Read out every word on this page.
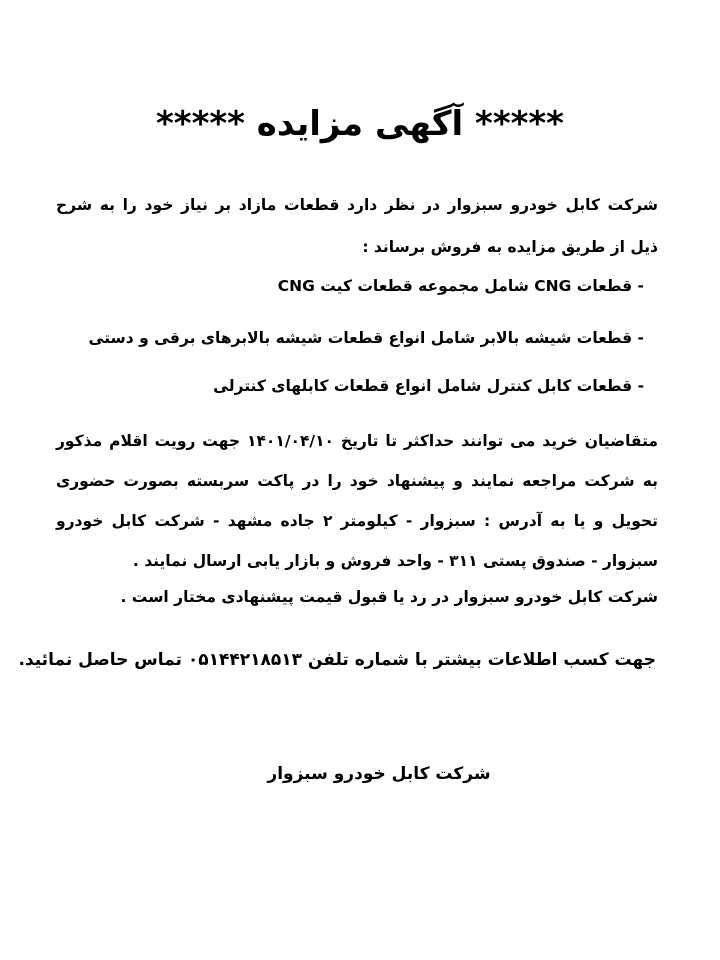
***** آگهی مزایده *****
شرکت کابل خودرو سبزوار در نظر دارد قطعات مازاد بر نیاز خود را به شرح ذیل از طریق مزایده به فروش برساند :
- قطعات CNG شامل مجموعه قطعات کیت CNG
- قطعات شیشه بالابر شامل انواع قطعات شیشه بالابرهای برقی و دستی
- قطعات کابل کنترل شامل انواع قطعات کابلهای کنترلی
متقاضیان خرید می توانند حداکثر تا تاریخ ۱۴۰۱/۰۴/۱۰ جهت رویت اقلام مذکور به شرکت مراجعه نمایند و پیشنهاد خود را در پاکت سربسته بصورت حضوری تحویل و یا به آدرس : سبزوار - کیلومتر ۲ جاده مشهد - شرکت کابل خودرو سبزوار - صندوق پستی ۳۱۱ - واحد فروش و بازار یابی ارسال نمایند .
شرکت کابل خودرو سبزوار در رد یا قبول قیمت پیشنهادی مختار است .
جهت کسب اطلاعات بیشتر با شماره تلفن ۰۵۱۴۴۲۱۸۵۱۳ تماس حاصل نمائید.
شرکت کابل خودرو سبزوار
